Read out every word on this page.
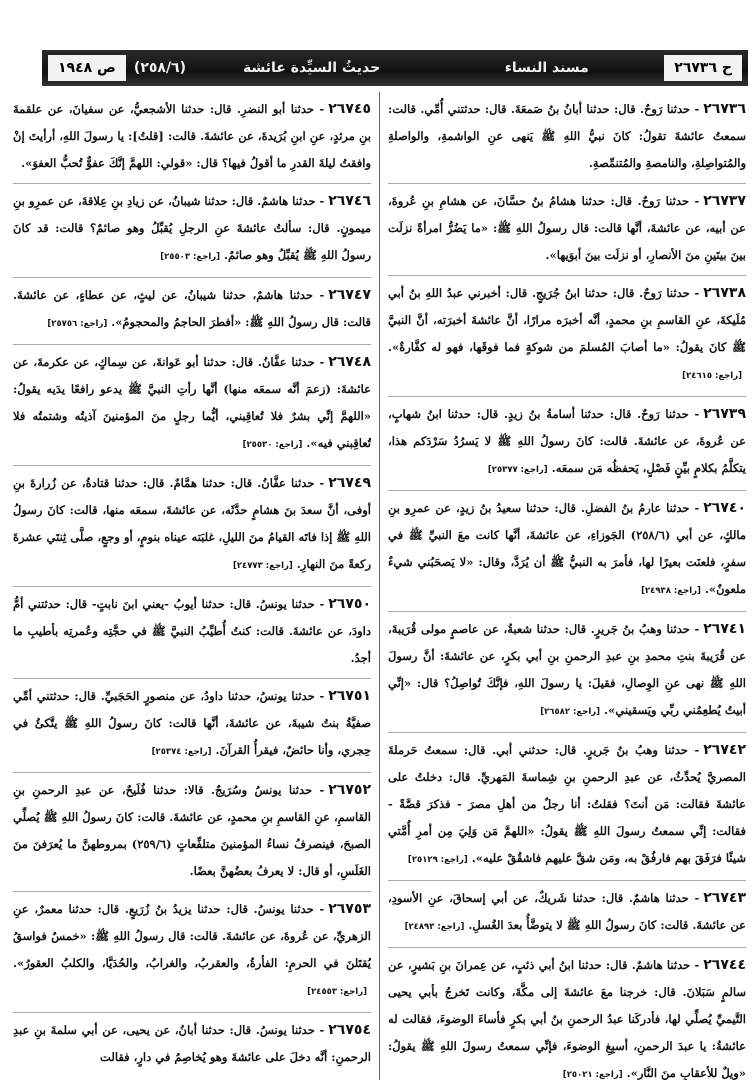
ح ٢٦٧٣٦
مسند النساء
حديثُ السيِّدة عائشة
(٢٥٨/٦)
ص ١٩٤٨
٢٦٧٣٦- حدثنا رَوحٌ. قال: حدثنا أبانُ بنُ صَمعَةَ. قال: حدثتني أُمِّي. قالت: سمعتُ عائشةَ تقولُ: كانَ نبيُّ اللهِ ﷺ يَنهى عنِ الواشمةِ، والواصلةِ والمُتواصِلةِ، والنامصةِ والمُتنمِّصةِ.
٢٦٧٣٧- حدثنا رَوحٌ. قال: حدثنا هشامُ بنُ حسَّانَ، عن هشامِ بنِ عُروةَ، عن أبيه، عن عائشةَ، أنَّها قالت: قال رسولُ اللهِ ﷺ: «ما يَضُرُّ امرأةً نزلَت بينَ بيتَينِ منَ الأنصارِ، أو نزلَت بينَ أبوَيها».
٢٦٧٣٨- حدثنا رَوحٌ. قال: حدثنا ابنُ جُرَيجٍ. قال: أخبرني عبدُ اللهِ بنُ أبي مُلَيكةَ، عنِ القاسمِ بنِ محمدٍ، أنَّه أخبرَه مرارًا، أنَّ عائشةَ أخبرَته، أنَّ النبيَّ ﷺ كانَ يقولُ: «ما أصابَ المُسلمَ من شوكةٍ فما فوقَها، فهو له كفَّارةٌ».[راجع: ٢٤٦١٥]
٢٦٧٣٩- حدثنا رَوحٌ. قال: حدثنا أسامةُ بنُ زيدٍ. قال: حدثنا ابنُ شهابٍ، عن عُروةَ، عن عائشةَ. قالت: كانَ رسولُ اللهِ ﷺ لا يَسرُدُ سَرْدَكم هذا، يتكلَّمُ بكلامٍ بيِّنٍ فَصْلٍ، يَحفظُه مَن سمعَه.[راجع: ٢٥٣٧٧]
٢٦٧٤٠- حدثنا عارمُ بنُ الفضلِ. قال: حدثنا سعيدُ بنُ زيدٍ، عن عمرِو بنِ مالكٍ، عن أبي (٢٥٨/٦) الجَوزاءِ، عن عائشةَ، أنَّها كانت معَ النبيِّ ﷺ في سفرٍ، فلعنَت بعيرًا لها، فأمرَ به النبيُّ ﷺ أن يُرَدَّ، وقال: «لا يَصحَبُني شيءٌ ملعونٌ».[راجع: ٢٤٩٣٨]
٢٦٧٤١- حدثنا وهبُ بنُ جَريرٍ. قال: حدثنا شعبةُ، عن عاصمٍ مولى قُرَيبةَ، عن قُرَيبةَ بنتِ محمدِ بنِ عبدِ الرحمنِ بنِ أبي بكرٍ، عن عائشةَ: أنَّ رسولَ اللهِ ﷺ نهى عنِ الوِصالِ، فقيلَ: يا رسولَ اللهِ، فإنَّكَ تُواصِلُ؟ قال: «إنِّي أبيتُ يُطعِمُني ربِّي ويَسقيني».[راجع: ٢٦٥٨٢]
٢٦٧٤٢- حدثنا وهبُ بنُ جَريرٍ. قال: حدثني أبي. قال: سمعتُ حَرملةَ المصريَّ يُحدِّثُ، عن عبدِ الرحمنِ بنِ شِماسةَ المَهريِّ. قال: دخلتُ على عائشةَ فقالت: مَن أنتَ؟ فقلتُ: أنا رجلٌ من أهلِ مصرَ - فذكرَ قصَّةً - فقالت: إنِّي سمعتُ رسولَ اللهِ ﷺ يقولُ: «اللهمَّ مَن وَلِيَ مِن أمرِ أُمَّتي شيئًا فرَفَقَ بهم فارفُقْ به، ومَن شقَّ عليهم فاشقُقْ عليه».[راجع: ٢٥١٢٩]
٢٦٧٤٣- حدثنا هاشمٌ. قال: حدثنا شَريكٌ، عن أبي إسحاقَ، عنِ الأسودِ، عن عائشةَ. قالت: كانَ رسولُ اللهِ ﷺ لا يتوضَّأُ بعدَ الغُسلِ.[راجع: ٢٤٨٩٣]
٢٦٧٤٤- حدثنا هاشمٌ. قال: حدثنا ابنُ أبي ذئبٍ، عن عِمرانَ بنِ بَشيرٍ، عن سالمٍ سَبَلانَ. قال: خرجنا معَ عائشةَ إلى مكَّةَ، وكانت تَخرجُ بأبي يحيى التَّيميِّ يُصلِّي لها، فأدركَنا عبدُ الرحمنِ بنُ أبي بكرٍ فأساءَ الوضوءَ، فقالت له عائشةُ: يا عبدَ الرحمنِ، أسبِغِ الوضوءَ، فإنِّي سمعتُ رسولَ اللهِ ﷺ يقولُ: «ويلٌ للأعقابِ منَ النَّارِ».[راجع: ٢٥٠٢١]
٢٦٧٤٥- حدثنا أبو النضرِ. قال: حدثنا الأشجعيُّ، عن سفيانَ، عن علقمةَ بنِ مرثدٍ، عنِ ابنِ بُرَيدةَ، عن عائشةَ. قالت: [قلتُ]: يا رسولَ اللهِ، أرأيتَ إنْ وافقتُ ليلةَ القدرِ ما أقولُ فيها؟ قال: «قولي: اللهمَّ إنَّكَ عفوٌّ تُحبُّ العفوَ».
٢٦٧٤٦- حدثنا هاشمٌ. قال: حدثنا شيبانُ، عن زيادِ بنِ عِلاقةَ، عن عمرِو بنِ ميمونٍ. قال: سألتُ عائشةَ عنِ الرجلِ يُقبِّلُ وهو صائمٌ؟ قالت: قد كانَ رسولُ اللهِ ﷺ يُقبِّلُ وهو صائمٌ.[راجع: ٢٥٥٠٣]
٢٦٧٤٧- حدثنا هاشمٌ، حدثنا شيبانُ، عن ليثٍ، عن عطاءٍ، عن عائشةَ. قالت: قال رسولُ اللهِ ﷺ: «أفطرَ الحاجمُ والمحجومُ».[راجع: ٢٥٧٥٦]
٢٦٧٤٨- حدثنا عفَّانُ. قال: حدثنا أبو عَوانةَ، عن سِماكٍ، عن عكرمةَ، عن عائشةَ: (زعمَ أنَّه سمعَه منها) أنَّها رأتِ النبيَّ ﷺ يدعو رافعًا يدَيه يقولُ: «اللهمَّ إنِّي بشرٌ فلا تُعاقِبني، أيُّما رجلٍ منَ المؤمنينَ آذيتُه وشتمتُه فلا تُعاقِبني فيه».[راجع: ٢٥٥٣٠]
٢٦٧٤٩- حدثنا عفَّانُ. قال: حدثنا همَّامٌ. قال: حدثنا قتادةُ، عن زُرارةَ بنِ أوفى، أنَّ سعدَ بنَ هشامٍ حدَّثَه، عن عائشةَ، سمعَه منها، قالت: كانَ رسولُ اللهِ ﷺ إذا فاتَه القيامُ منَ الليلِ، غلبَته عيناه بنومٍ، أو وجعٍ، صلَّى ثِنتَي عشرةَ ركعةً منَ النهارِ.[راجع: ٢٤٧٧٣]
٢٦٧٥٠- حدثنا يونسُ. قال: حدثنا أيوبُ -يعني ابنَ نابتٍ- قال: حدثتني أمُّ داودَ، عن عائشةَ. قالت: كنتُ أُطيِّبُ النبيَّ ﷺ في حجَّتِه وعُمرتِه بأطيبِ ما أجدُ.
٢٦٧٥١- حدثنا يونسُ، حدثنا داودُ، عن منصورٍ الحَجَبيِّ. قال: حدثتني أمِّي صفيَّةُ بنتُ شيبةَ، عن عائشةَ، أنَّها قالت: كانَ رسولُ اللهِ ﷺ يتَّكئُ في حِجري، وأنا حائضٌ، فيقرأُ القرآنَ.[راجع: ٢٥٣٧٤]
٢٦٧٥٢- حدثنا يونسُ وسُرَيجٌ. قالا: حدثنا فُلَيحٌ، عن عبدِ الرحمنِ بنِ القاسمِ، عنِ القاسمِ بنِ محمدٍ، عن عائشةَ. قالت: كانَ رسولُ اللهِ ﷺ يُصلِّي الصبحَ، فينصرفُ نساءُ المؤمنينَ متلفِّعاتٍ (٢٥٩/٦) بمروطهنَّ ما يُعرَفنَ منَ الغَلَسِ، أو قال: لا يعرفُ بعضُهنَّ بعضًا.
٢٦٧٥٣- حدثنا يونسُ. قال: حدثنا يزيدُ بنُ زُرَيعٍ. قال: حدثنا معمرٌ، عنِ الزهريِّ، عن عُروةَ، عن عائشةَ. قالت: قال رسولُ اللهِ ﷺ: «خمسٌ فواسقُ يُقتَلنَ في الحرمِ: الفأرةُ، والعقربُ، والغرابُ، والحُدَيَّا، والكلبُ العقورُ».[راجع: ٢٤٥٥٣]
٢٦٧٥٤- حدثنا يونسُ. قال: حدثنا أبانُ، عن يحيى، عن أبي سلمةَ بنِ عبدِ الرحمنِ: أنَّه دخلَ على عائشةَ وهو يُخاصِمُ في دارٍ، فقالت
